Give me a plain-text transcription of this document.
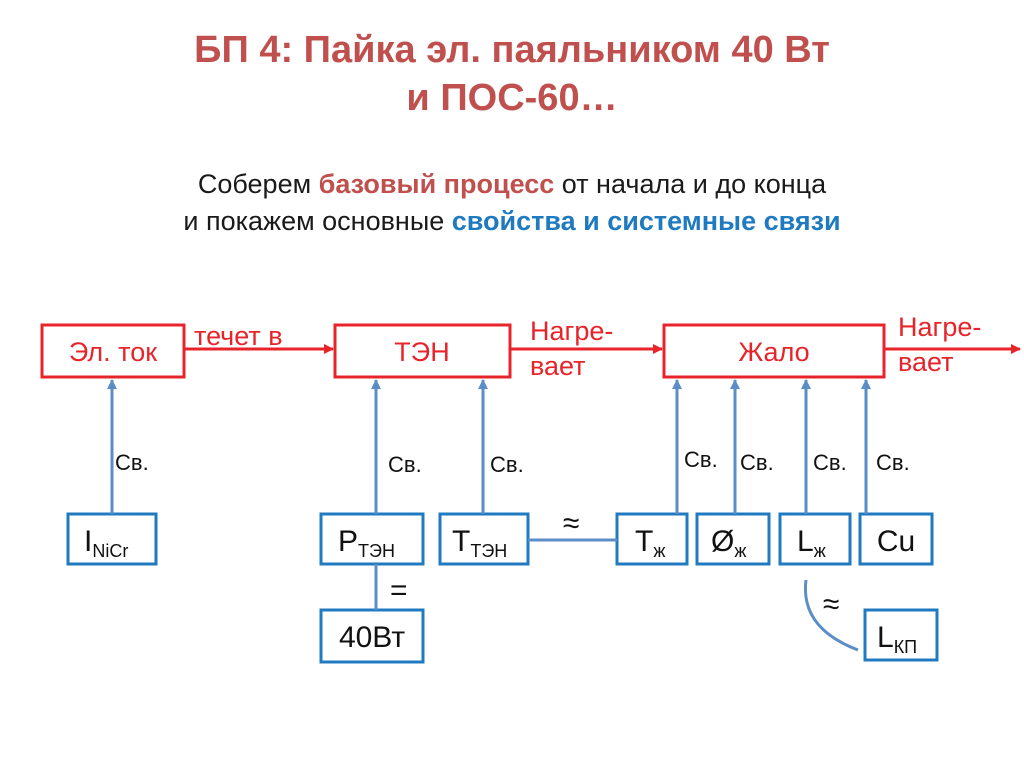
БП 4: Пайка эл. паяльником 40 Вт
и ПОС-60…
Соберем базовый процесс от начала и до конца
и покажем основные свойства и системные связи
Эл. ток	ТЭН	Жало
течет в	Нагре-
вает
Нагре-
вает
$I_{NiCr}$	$P_{ТЭН}$ $T_{ТЭН}$	$T_ж$ $Ø_ж$ $L_ж$ Cu
40Вт	$L_{КП}$
Св.	Св.	Св.	Св. Св. Св. Св.
=
≈
≈
